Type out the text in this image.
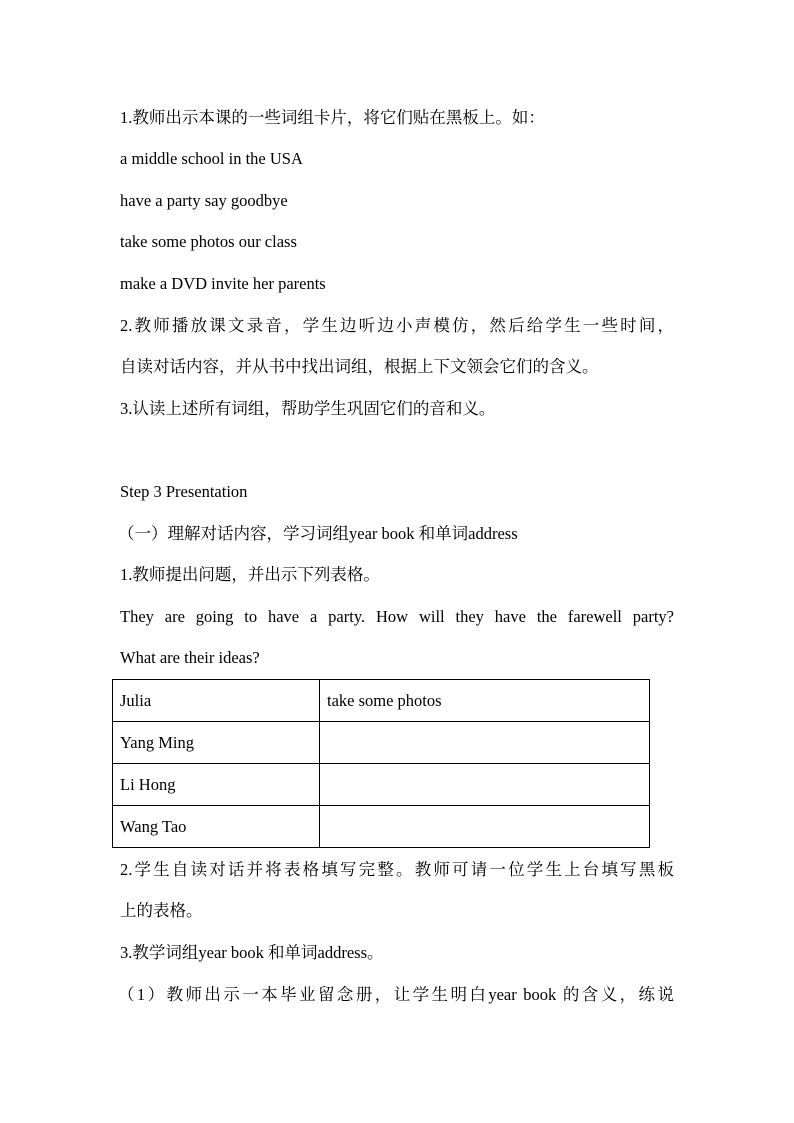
1.教师出示本课的一些词组卡片，将它们贴在黑板上。如：
a middle school in the USA
have a party say goodbye
take some photos our class
make a DVD invite her parents
2.教师播放课文录音，学生边听边小声模仿，然后给学生一些时间，
自读对话内容，并从书中找出词组，根据上下文领会它们的含义。
3.认读上述所有词组，帮助学生巩固它们的音和义。
Step 3 Presentation
（一）理解对话内容，学习词组year book 和单词address
1.教师提出问题，并出示下列表格。
They are going to have a party. How will they have the farewell party?
What are their ideas?
Julia	take some photos
Yang Ming	
Li Hong	
Wang Tao	
2.学生自读对话并将表格填写完整。教师可请一位学生上台填写黑板
上的表格。
3.教学词组year book 和单词address。
（1）教师出示一本毕业留念册，让学生明白year book 的含义，练说
